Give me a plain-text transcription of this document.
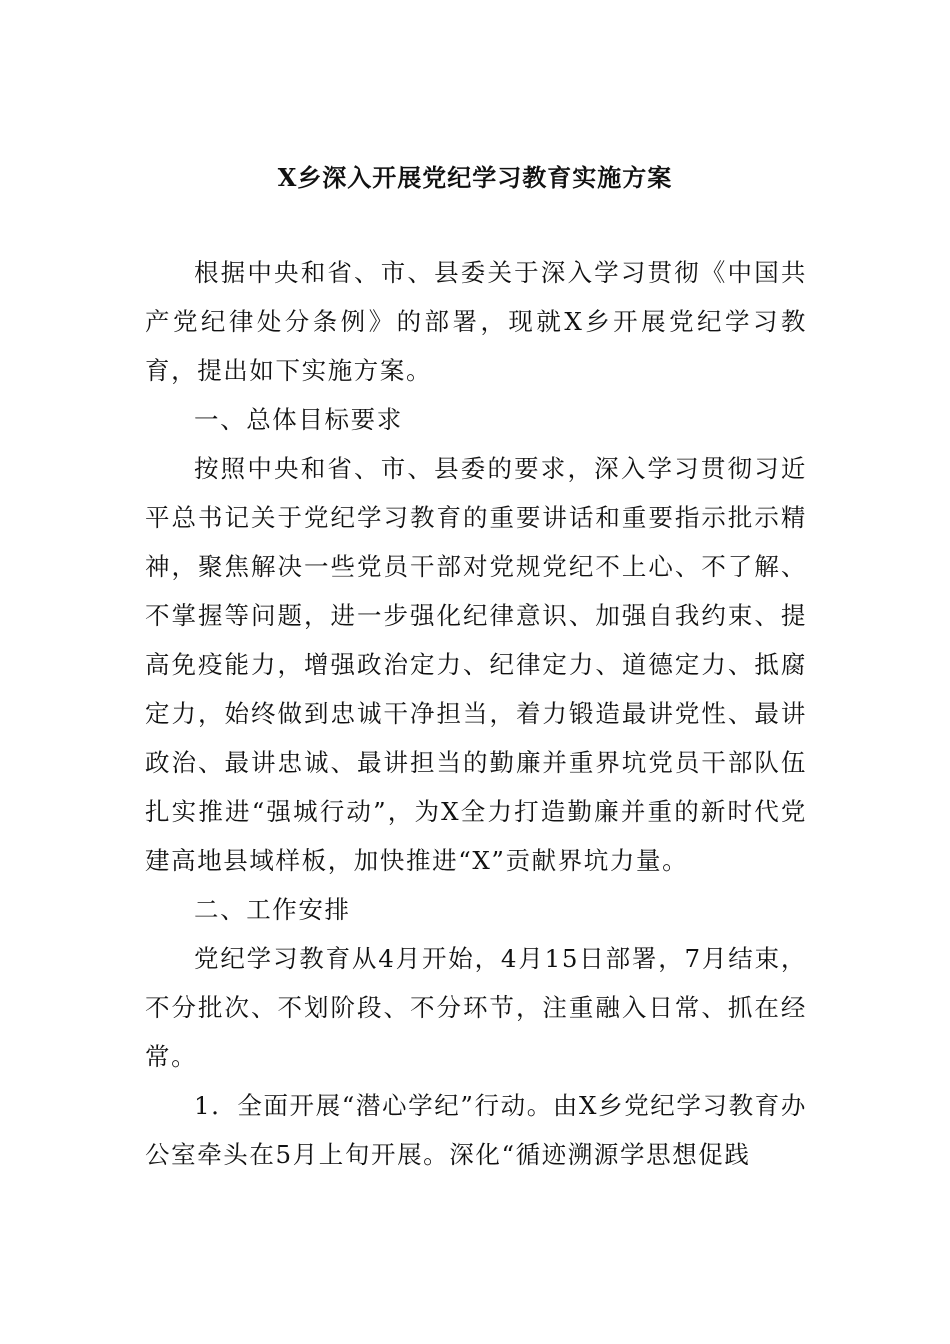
X乡深入开展党纪学习教育实施方案

根据中央和省、市、县委关于深入学习贯彻《中国共产党纪律处分条例》的部署，现就X乡开展党纪学习教育，提出如下实施方案。

一、总体目标要求

按照中央和省、市、县委的要求，深入学习贯彻习近平总书记关于党纪学习教育的重要讲话和重要指示批示精神，聚焦解决一些党员干部对党规党纪不上心、不了解、不掌握等问题，进一步强化纪律意识、加强自我约束、提高免疫能力，增强政治定力、纪律定力、道德定力、抵腐定力，始终做到忠诚干净担当，着力锻造最讲党性、最讲政治、最讲忠诚、最讲担当的勤廉并重界坑党员干部队伍扎实推进“强城行动”，为X全力打造勤廉并重的新时代党建高地县域样板，加快推进“X”贡献界坑力量。

二、工作安排

党纪学习教育从4月开始，4月15日部署，7月结束，不分批次、不划阶段、不分环节，注重融入日常、抓在经常。

1．全面开展“潜心学纪”行动。由X乡党纪学习教育办公室牵头在5月上旬开展。深化“循迹溯源学思想促践
